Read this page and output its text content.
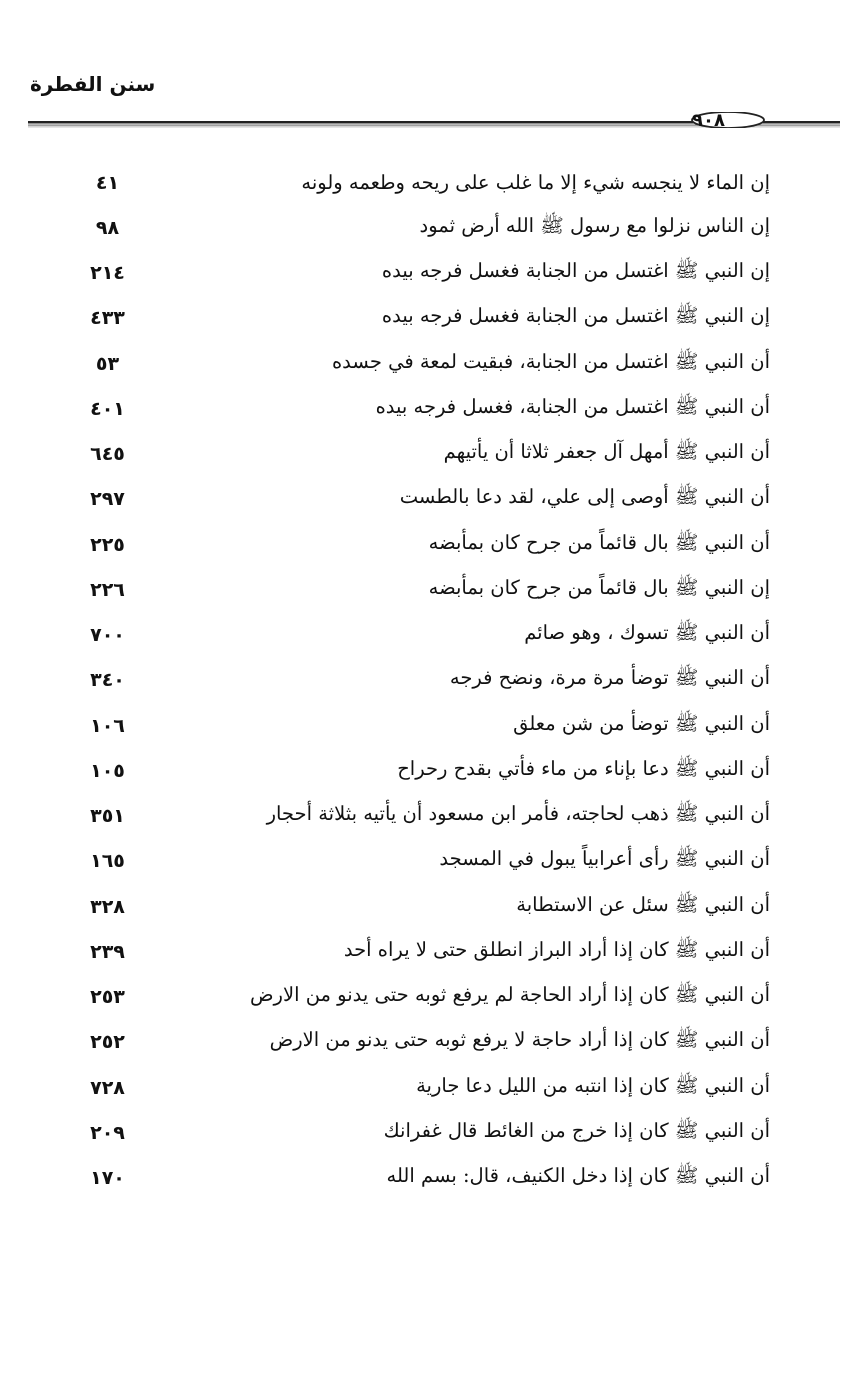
سنن الفطرة
٩٠٨
إن الماء لا ينجسه شيء إلا ما غلب على ريحه وطعمه ولونه
٤١
إن الناس نزلوا مع رسول ﷺ الله أرض ثمود
٩٨
إن النبي ﷺ اغتسل من الجنابة فغسل فرجه بيده
٢١٤
إن النبي ﷺ اغتسل من الجنابة فغسل فرجه بيده
٤٣٣
أن النبي ﷺ اغتسل من الجنابة، فبقيت لمعة في جسده
٥٣
أن النبي ﷺ اغتسل من الجنابة، فغسل فرجه بيده
٤٠١
أن النبي ﷺ أمهل آل جعفر ثلاثا أن يأتيهم
٦٤٥
أن النبي ﷺ أوصى إلى علي، لقد دعا بالطست
٢٩٧
أن النبي ﷺ بال قائماً من جرح كان بمأبضه
٢٢٥
إن النبي ﷺ بال قائماً من جرح كان بمأبضه
٢٢٦
أن النبي ﷺ تسوك ، وهو صائم
٧٠٠
أن النبي ﷺ توضأ مرة مرة، ونضح فرجه
٣٤٠
أن النبي ﷺ توضأ من شن معلق
١٠٦
أن النبي ﷺ دعا بإناء من ماء فأتي بقدح رحراح
١٠٥
أن النبي ﷺ ذهب لحاجته، فأمر ابن مسعود أن يأتيه بثلاثة أحجار
٣٥١
أن النبي ﷺ رأى أعرابياً يبول في المسجد
١٦٥
أن النبي ﷺ سئل عن الاستطابة
٣٢٨
أن النبي ﷺ كان إذا أراد البراز انطلق حتى لا يراه أحد
٢٣٩
أن النبي ﷺ كان إذا أراد الحاجة لم يرفع ثوبه حتى يدنو من الارض
٢٥٣
أن النبي ﷺ كان إذا أراد حاجة لا يرفع ثوبه حتى يدنو من الارض
٢٥٢
أن النبي ﷺ كان إذا انتبه من الليل دعا جارية
٧٢٨
أن النبي ﷺ كان إذا خرج من الغائط قال غفرانك
٢٠٩
أن النبي ﷺ كان إذا دخل الكنيف، قال: بسم الله
١٧٠
